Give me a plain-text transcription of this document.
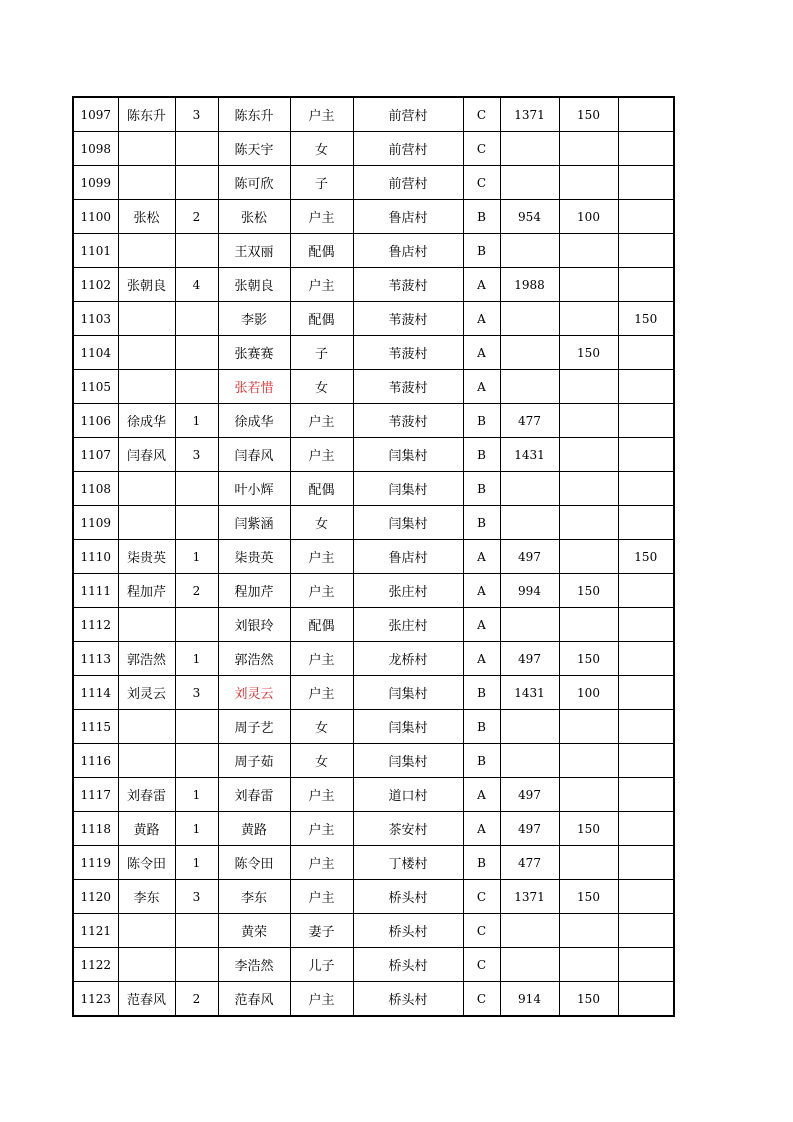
1097	陈东升	3	陈东升	户主	前营村	C	1371	150	
1098			陈天宇	女	前营村	C			
1099			陈可欣	子	前营村	C			
1100	张松	2	张松	户主	鲁店村	B	954	100	
1101			王双丽	配偶	鲁店村	B			
1102	张朝良	4	张朝良	户主	苇菠村	A	1988		
1103			李影	配偶	苇菠村	A			150
1104			张赛赛	子	苇菠村	A		150	
1105			张若惜	女	苇菠村	A			
1106	徐成华	1	徐成华	户主	苇菠村	B	477		
1107	闫春风	3	闫春风	户主	闫集村	B	1431		
1108			叶小辉	配偶	闫集村	B			
1109			闫紫涵	女	闫集村	B			
1110	柒贵英	1	柒贵英	户主	鲁店村	A	497		150
1111	程加芹	2	程加芹	户主	张庄村	A	994	150	
1112			刘银玲	配偶	张庄村	A			
1113	郭浩然	1	郭浩然	户主	龙桥村	A	497	150	
1114	刘灵云	3	刘灵云	户主	闫集村	B	1431	100	
1115			周子艺	女	闫集村	B			
1116			周子茹	女	闫集村	B			
1117	刘春雷	1	刘春雷	户主	道口村	A	497		
1118	黄路	1	黄路	户主	茶安村	A	497	150	
1119	陈令田	1	陈令田	户主	丁楼村	B	477		
1120	李东	3	李东	户主	桥头村	C	1371	150	
1121			黄荣	妻子	桥头村	C			
1122			李浩然	儿子	桥头村	C			
1123	范春风	2	范春风	户主	桥头村	C	914	150	
